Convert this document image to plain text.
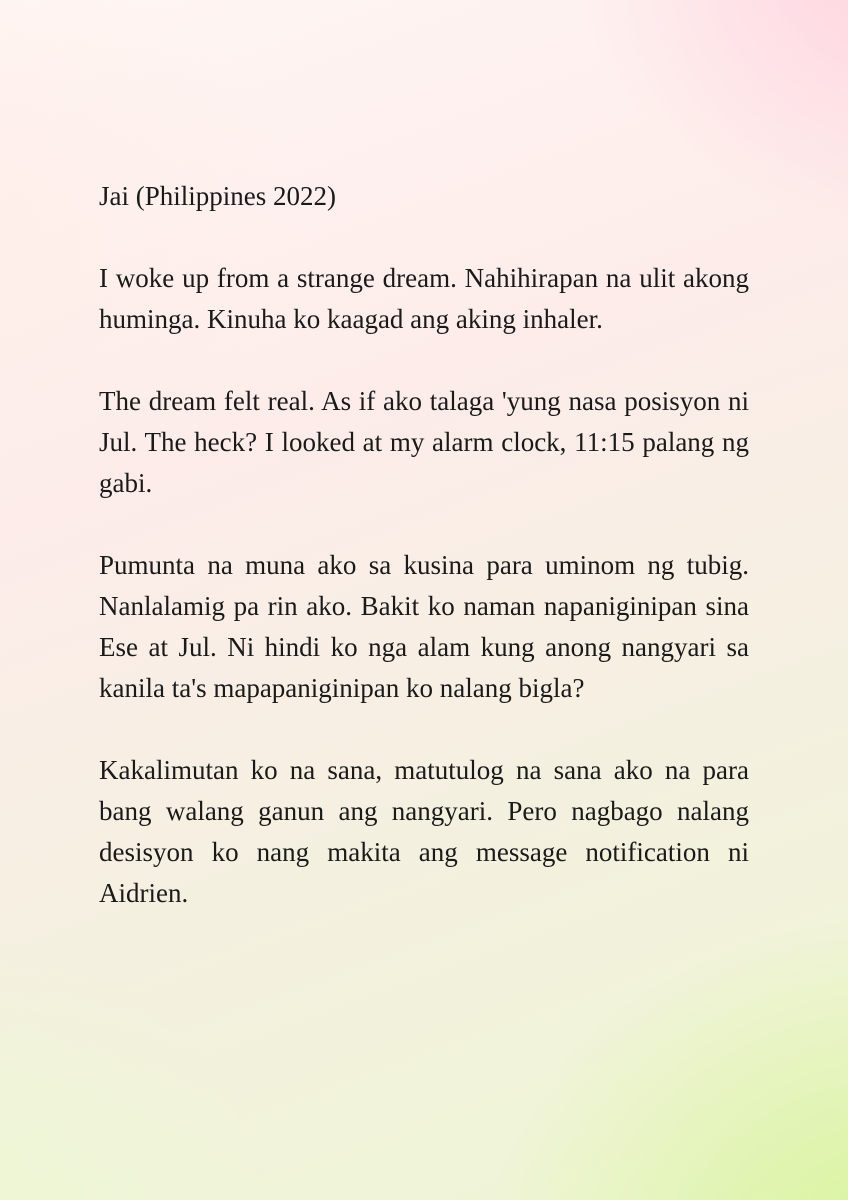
Jai (Philippines 2022)

I woke up from a strange dream. Nahihirapan na ulit akong huminga. Kinuha ko kaagad ang aking inhaler.

The dream felt real. As if ako talaga 'yung nasa posisyon ni Jul. The heck? I looked at my alarm clock, 11:15 palang ng gabi.

Pumunta na muna ako sa kusina para uminom ng tubig. Nanlalamig pa rin ako. Bakit ko naman napaniginipan sina Ese at Jul. Ni hindi ko nga alam kung anong nangyari sa kanila ta's mapapaniginipan ko nalang bigla?

Kakalimutan ko na sana, matutulog na sana ako na para bang walang ganun ang nangyari. Pero nagbago nalang desisyon ko nang makita ang message notification ni Aidrien.
